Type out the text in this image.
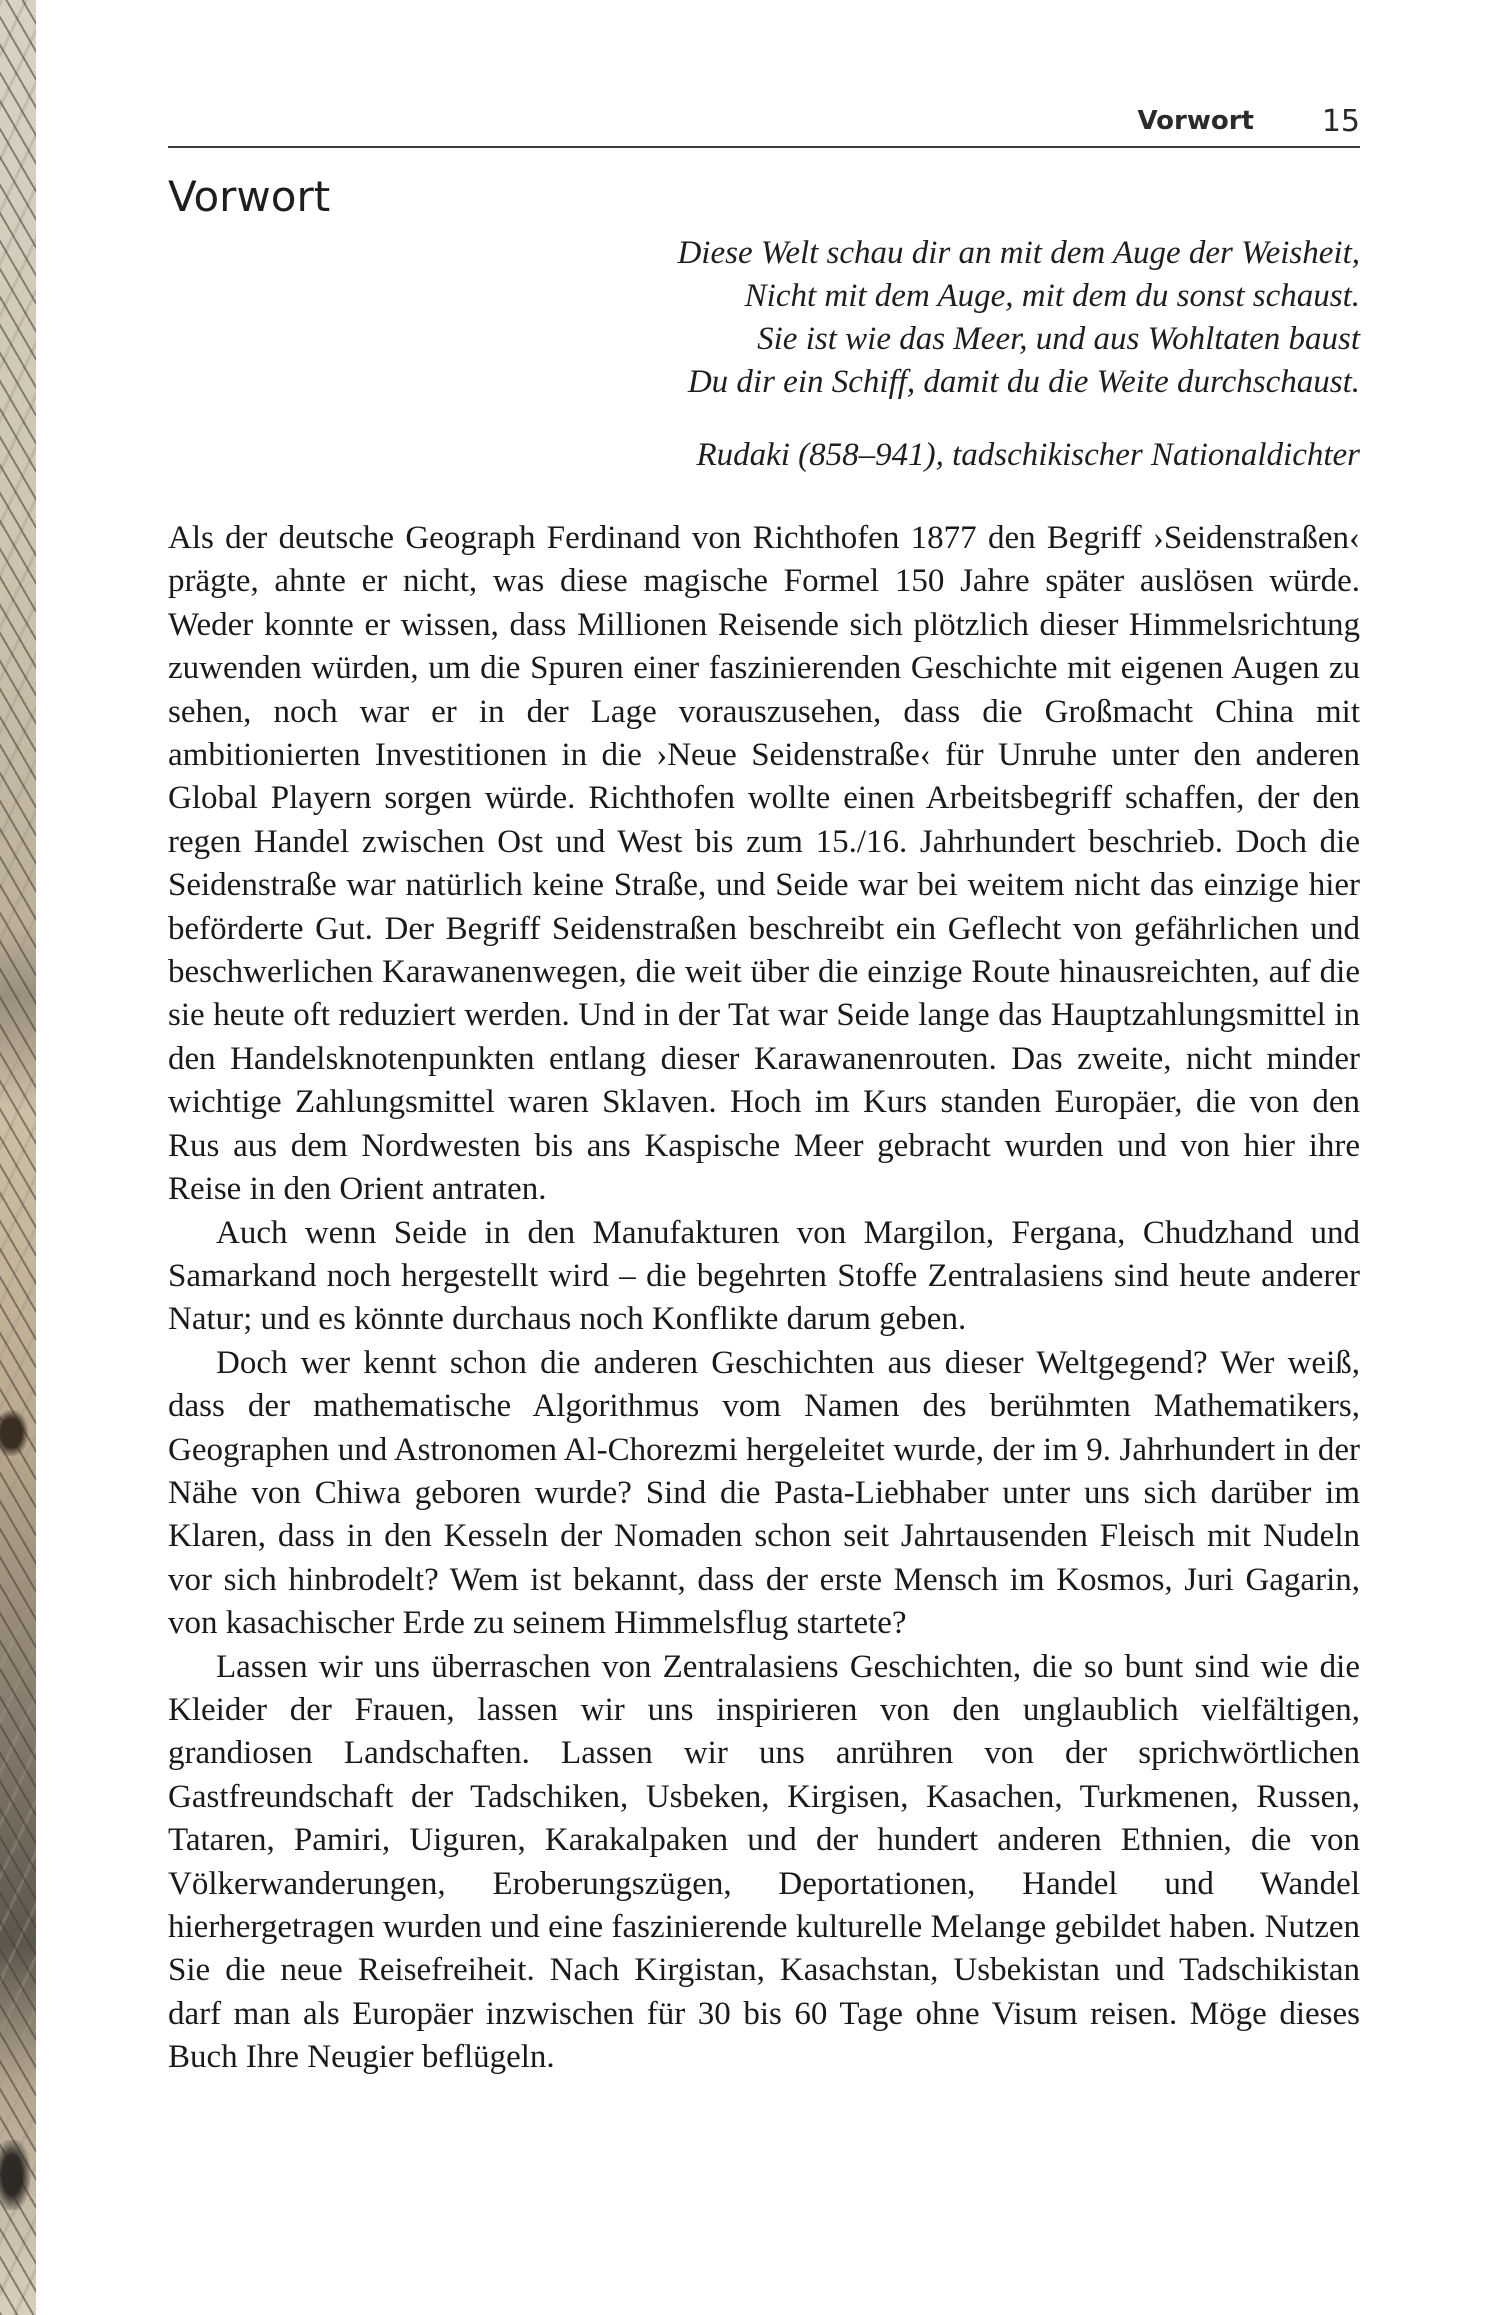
Vorwort 15
Vorwort
Diese Welt schau dir an mit dem Auge der Weisheit,
Nicht mit dem Auge, mit dem du sonst schaust.
Sie ist wie das Meer, und aus Wohltaten baust
Du dir ein Schiff, damit du die Weite durchschaust.
Rudaki (858–941), tadschikischer Nationaldichter

Als der deutsche Geograph Ferdinand von Richthofen 1877 den Begriff ›Seidenstraßen‹ prägte, ahnte er nicht, was diese magische Formel 150 Jahre später auslösen würde. Weder konnte er wissen, dass Millionen Reisende sich plötzlich dieser Himmelsrichtung zuwenden würden, um die Spuren einer faszinierenden Geschichte mit eigenen Augen zu sehen, noch war er in der Lage vorauszusehen, dass die Großmacht China mit ambitionierten Investitionen in die ›Neue Seidenstraße‹ für Unruhe unter den anderen Global Playern sorgen würde. Richthofen wollte einen Arbeitsbegriff schaffen, der den regen Handel zwischen Ost und West bis zum 15./16. Jahrhundert beschrieb. Doch die Seidenstraße war natürlich keine Straße, und Seide war bei weitem nicht das einzige hier beförderte Gut. Der Begriff Seidenstraßen beschreibt ein Geflecht von gefährlichen und beschwerlichen Karawanenwegen, die weit über die einzige Route hinausreichten, auf die sie heute oft reduziert werden. Und in der Tat war Seide lange das Hauptzahlungsmittel in den Handelsknotenpunkten entlang dieser Karawanenrouten. Das zweite, nicht minder wichtige Zahlungsmittel waren Sklaven. Hoch im Kurs standen Europäer, die von den Rus aus dem Nordwesten bis ans Kaspische Meer gebracht wurden und von hier ihre Reise in den Orient antraten.

Auch wenn Seide in den Manufakturen von Margilon, Fergana, Chudzhand und Samarkand noch hergestellt wird – die begehrten Stoffe Zentralasiens sind heute anderer Natur; und es könnte durchaus noch Konflikte darum geben.

Doch wer kennt schon die anderen Geschichten aus dieser Weltgegend? Wer weiß, dass der mathematische Algorithmus vom Namen des berühmten Mathematikers, Geographen und Astronomen Al-Chorezmi hergeleitet wurde, der im 9. Jahrhundert in der Nähe von Chiwa geboren wurde? Sind die Pasta-Liebhaber unter uns sich darüber im Klaren, dass in den Kesseln der Nomaden schon seit Jahrtausenden Fleisch mit Nudeln vor sich hinbrodelt? Wem ist bekannt, dass der erste Mensch im Kosmos, Juri Gagarin, von kasachischer Erde zu seinem Himmelsflug startete?

Lassen wir uns überraschen von Zentralasiens Geschichten, die so bunt sind wie die Kleider der Frauen, lassen wir uns inspirieren von den unglaublich vielfältigen, grandiosen Landschaften. Lassen wir uns anrühren von der sprichwörtlichen Gastfreundschaft der Tadschiken, Usbeken, Kirgisen, Kasachen, Turkmenen, Russen, Tataren, Pamiri, Uiguren, Karakalpaken und der hundert anderen Ethnien, die von Völkerwanderungen, Eroberungszügen, Deportationen, Handel und Wandel hierhergetragen wurden und eine faszinierende kulturelle Melange gebildet haben. Nutzen Sie die neue Reisefreiheit. Nach Kirgistan, Kasachstan, Usbekistan und Tadschikistan darf man als Europäer inzwischen für 30 bis 60 Tage ohne Visum reisen. Möge dieses Buch Ihre Neugier beflügeln.
